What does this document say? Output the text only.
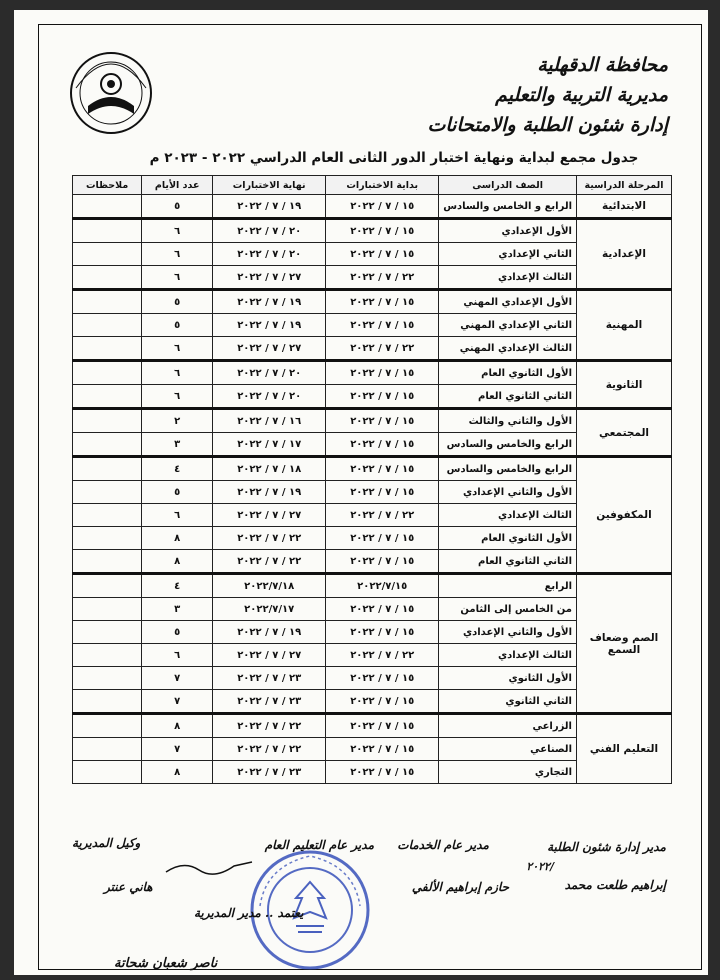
محافظة الدقهلية
مديرية التربية والتعليم
إدارة شئون الطلبة والامتحانات
جدول مجمع لبداية ونهاية اختبار الدور الثانى العام الدراسي ٢٠٢٢ - ٢٠٢٣ م
المرحلة الدراسية	الصف الدراسى	بداية الاختبارات	نهاية الاختبارات	عدد الأيام	ملاحظات
الابتدائية	الرابع و الخامس والسادس	١٥ / ٧ / ٢٠٢٢	١٩ / ٧ / ٢٠٢٢	٥	
الإعدادية	الأول الإعدادي	١٥ / ٧ / ٢٠٢٢	٢٠ / ٧ / ٢٠٢٢	٦	
	الثاني الإعدادي	١٥ / ٧ / ٢٠٢٢	٢٠ / ٧ / ٢٠٢٢	٦	
	الثالث الإعدادي	٢٢ / ٧ / ٢٠٢٢	٢٧ / ٧ / ٢٠٢٢	٦	
المهنية	الأول الإعدادي المهني	١٥ / ٧ / ٢٠٢٢	١٩ / ٧ / ٢٠٢٢	٥	
	الثاني الإعدادي المهني	١٥ / ٧ / ٢٠٢٢	١٩ / ٧ / ٢٠٢٢	٥	
	الثالث الإعدادي المهني	٢٢ / ٧ / ٢٠٢٢	٢٧ / ٧ / ٢٠٢٢	٦	
الثانوية	الأول الثانوي العام	١٥ / ٧ / ٢٠٢٢	٢٠ / ٧ / ٢٠٢٢	٦	
	الثاني الثانوي العام	١٥ / ٧ / ٢٠٢٢	٢٠ / ٧ / ٢٠٢٢	٦	
المجتمعي	الأول والثاني والثالث	١٥ / ٧ / ٢٠٢٢	١٦ / ٧ / ٢٠٢٢	٢	
	الرابع والخامس والسادس	١٥ / ٧ / ٢٠٢٢	١٧ / ٧ / ٢٠٢٢	٣	
المكفوفين	الرابع والخامس والسادس	١٥ / ٧ / ٢٠٢٢	١٨ / ٧ / ٢٠٢٢	٤	
	الأول والثاني الإعدادي	١٥ / ٧ / ٢٠٢٢	١٩ / ٧ / ٢٠٢٢	٥	
	الثالث الإعدادي	٢٢ / ٧ / ٢٠٢٢	٢٧ / ٧ / ٢٠٢٢	٦	
	الأول الثانوي العام	١٥ / ٧ / ٢٠٢٢	٢٢ / ٧ / ٢٠٢٢	٨	
	الثاني الثانوي العام	١٥ / ٧ / ٢٠٢٢	٢٢ / ٧ / ٢٠٢٢	٨	
الصم وضعاف السمع	الرابع	٢٠٢٢/٧/١٥	٢٠٢٢/٧/١٨	٤	
	من الخامس إلى الثامن	١٥ / ٧ / ٢٠٢٢	٢٠٢٢/٧/١٧	٣	
	الأول والثاني الإعدادي	١٥ / ٧ / ٢٠٢٢	١٩ / ٧ / ٢٠٢٢	٥	
	الثالث الإعدادي	٢٢ / ٧ / ٢٠٢٢	٢٧ / ٧ / ٢٠٢٢	٦	
	الأول الثانوي	١٥ / ٧ / ٢٠٢٢	٢٣ / ٧ / ٢٠٢٢	٧	
	الثاني الثانوي	١٥ / ٧ / ٢٠٢٢	٢٣ / ٧ / ٢٠٢٢	٧	
التعليم الفني	الزراعي	١٥ / ٧ / ٢٠٢٢	٢٢ / ٧ / ٢٠٢٢	٨	
	الصناعي	١٥ / ٧ / ٢٠٢٢	٢٢ / ٧ / ٢٠٢٢	٧	
	التجاري	١٥ / ٧ / ٢٠٢٢	٢٣ / ٧ / ٢٠٢٢	٨	
مدير إدارة شئون الطلبة
٢٠٢٢/
إبراهيم طلعت محمد
مدير عام الخدمات
حازم إبراهيم الألفي
مدير عام التعليم العام
وكيل المديرية
هاني عنتر
يعتمد .. مدير المديرية
ناصر شعبان شحاتة
